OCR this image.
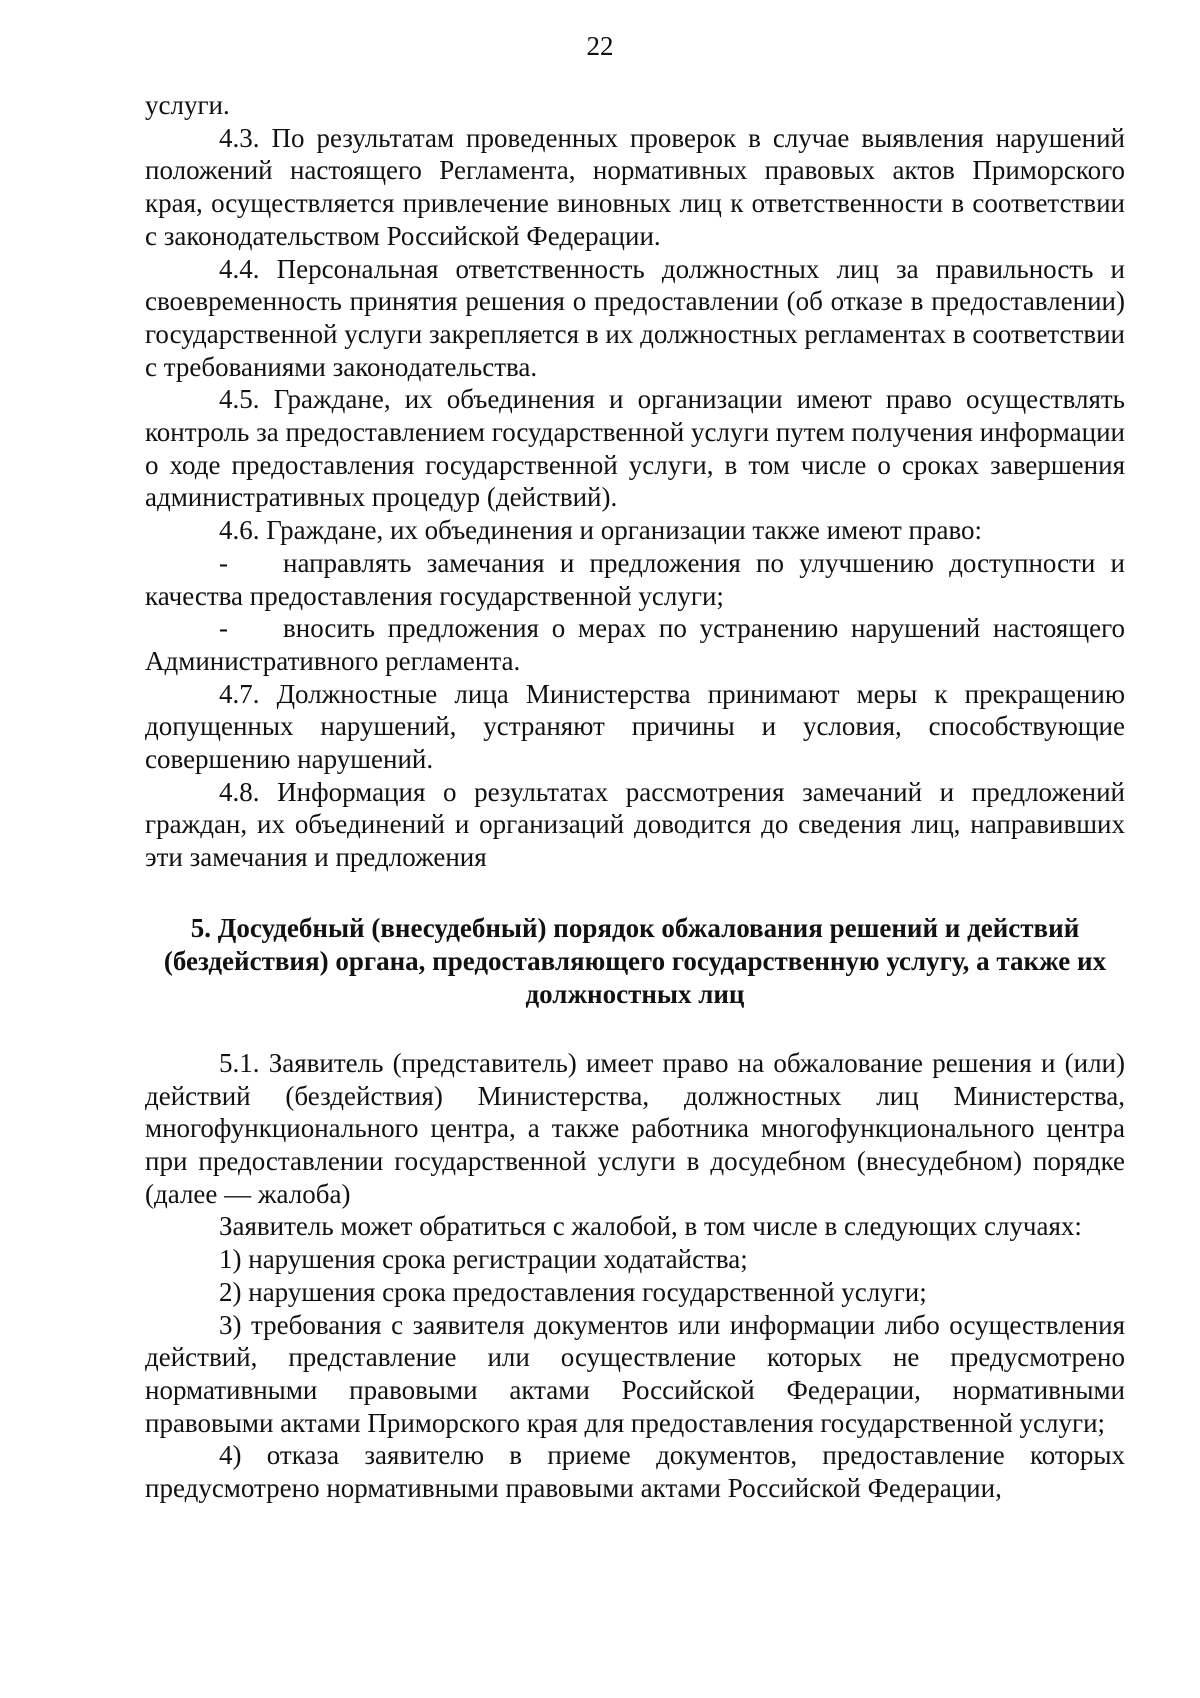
22

услуги.

4.3. По результатам проведенных проверок в случае выявления нарушений положений настоящего Регламента, нормативных правовых актов Приморского края, осуществляется привлечение виновных лиц к ответственности в соответствии с законодательством Российской Федерации.

4.4. Персональная ответственность должностных лиц за правильность и своевременность принятия решения о предоставлении (об отказе в предоставлении) государственной услуги закрепляется в их должностных регламентах в соответствии с требованиями законодательства.

4.5. Граждане, их объединения и организации имеют право осуществлять контроль за предоставлением государственной услуги путем получения информации о ходе предоставления государственной услуги, в том числе о сроках завершения административных процедур (действий).

4.6. Граждане, их объединения и организации также имеют право:

- направлять замечания и предложения по улучшению доступности и качества предоставления государственной услуги;

- вносить предложения о мерах по устранению нарушений настоящего Административного регламента.

4.7. Должностные лица Министерства принимают меры к прекращению допущенных нарушений, устраняют причины и условия, способствующие совершению нарушений.

4.8. Информация о результатах рассмотрения замечаний и предложений граждан, их объединений и организаций доводится до сведения лиц, направивших эти замечания и предложения

5. Досудебный (внесудебный) порядок обжалования решений и действий (бездействия) органа, предоставляющего государственную услугу, а также их должностных лиц

5.1. Заявитель (представитель) имеет право на обжалование решения и (или) действий (бездействия) Министерства, должностных лиц Министерства, многофункционального центра, а также работника многофункционального центра при предоставлении государственной услуги в досудебном (внесудебном) порядке (далее — жалоба)

Заявитель может обратиться с жалобой, в том числе в следующих случаях:

1) нарушения срока регистрации ходатайства;

2) нарушения срока предоставления государственной услуги;

3) требования с заявителя документов или информации либо осуществления действий, представление или осуществление которых не предусмотрено нормативными правовыми актами Российской Федерации, нормативными правовыми актами Приморского края для предоставления государственной услуги;

4) отказа заявителю в приеме документов, предоставление которых предусмотрено нормативными правовыми актами Российской Федерации,
